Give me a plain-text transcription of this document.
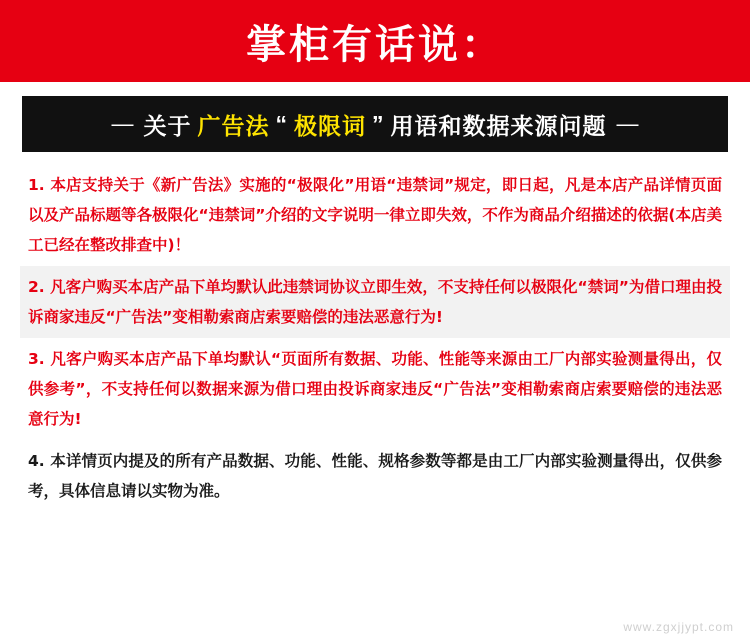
掌柜有话说：
— 关于 广告法 “ 极限词 ” 用语和数据来源问题 —
1. 本店支持关于《新广告法》实施的“极限化”用语“违禁词”规定，即日起，凡是本店产品详情页面以及产品标题等各极限化“违禁词”介绍的文字说明一律立即失效，不作为商品介绍描述的依据(本店美工已经在整改排查中)！
2. 凡客户购买本店产品下单均默认此违禁词协议立即生效，不支持任何以极限化“禁词”为借口理由投诉商家违反“广告法”变相勒索商店索要赔偿的违法恶意行为!
3. 凡客户购买本店产品下单均默认“页面所有数据、功能、性能等来源由工厂内部实验测量得出，仅供参考”，不支持任何以数据来源为借口理由投诉商家违反“广告法”变相勒索商店索要赔偿的违法恶意行为!
4. 本详情页内提及的所有产品数据、功能、性能、规格参数等都是由工厂内部实验测量得出，仅供参考，具体信息请以实物为准。
www.zgxjjypt.com
